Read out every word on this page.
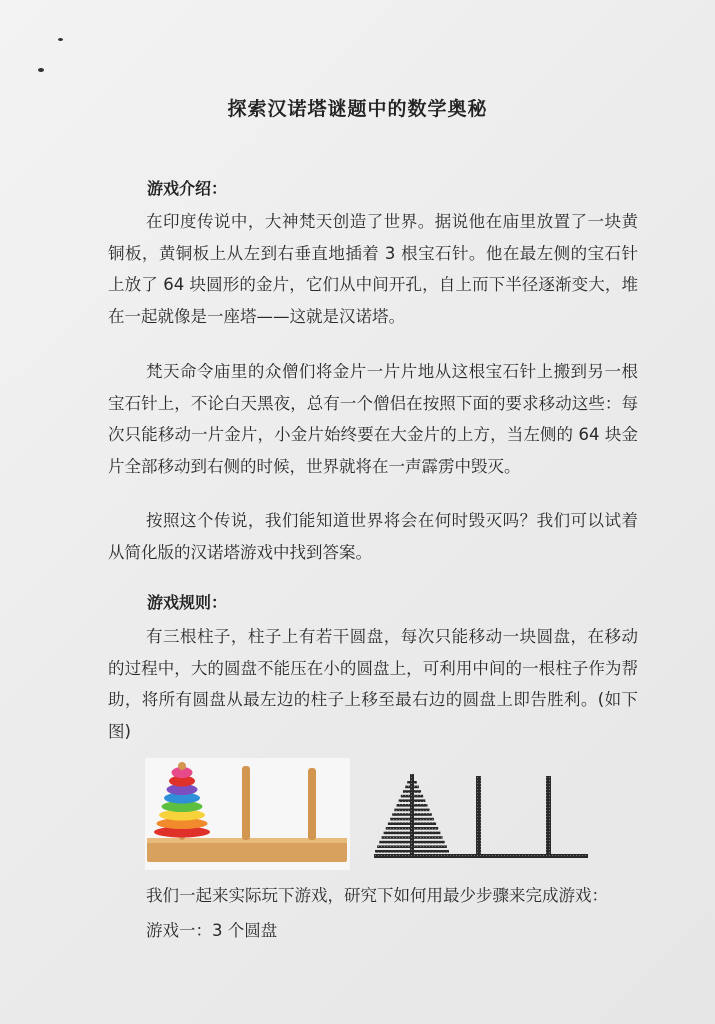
探索汉诺塔谜题中的数学奥秘
游戏介绍：

在印度传说中，大神梵天创造了世界。据说他在庙里放置了一块黄铜板，黄铜板上从左到右垂直地插着 3 根宝石针。他在最左侧的宝石针上放了 64 块圆形的金片，它们从中间开孔，自上而下半径逐渐变大，堆在一起就像是一座塔——这就是汉诺塔。

梵天命令庙里的众僧们将金片一片片地从这根宝石针上搬到另一根宝石针上，不论白天黑夜，总有一个僧侣在按照下面的要求移动这些：每次只能移动一片金片，小金片始终要在大金片的上方，当左侧的 64 块金片全部移动到右侧的时候，世界就将在一声霹雳中毁灭。

按照这个传说，我们能知道世界将会在何时毁灭吗？我们可以试着从简化版的汉诺塔游戏中找到答案。

游戏规则：

有三根柱子，柱子上有若干圆盘，每次只能移动一块圆盘，在移动的过程中，大的圆盘不能压在小的圆盘上，可利用中间的一根柱子作为帮助，将所有圆盘从最左边的柱子上移至最右边的圆盘上即告胜利。(如下图)

我们一起来实际玩下游戏，研究下如何用最少步骤来完成游戏：
游戏一：3 个圆盘
